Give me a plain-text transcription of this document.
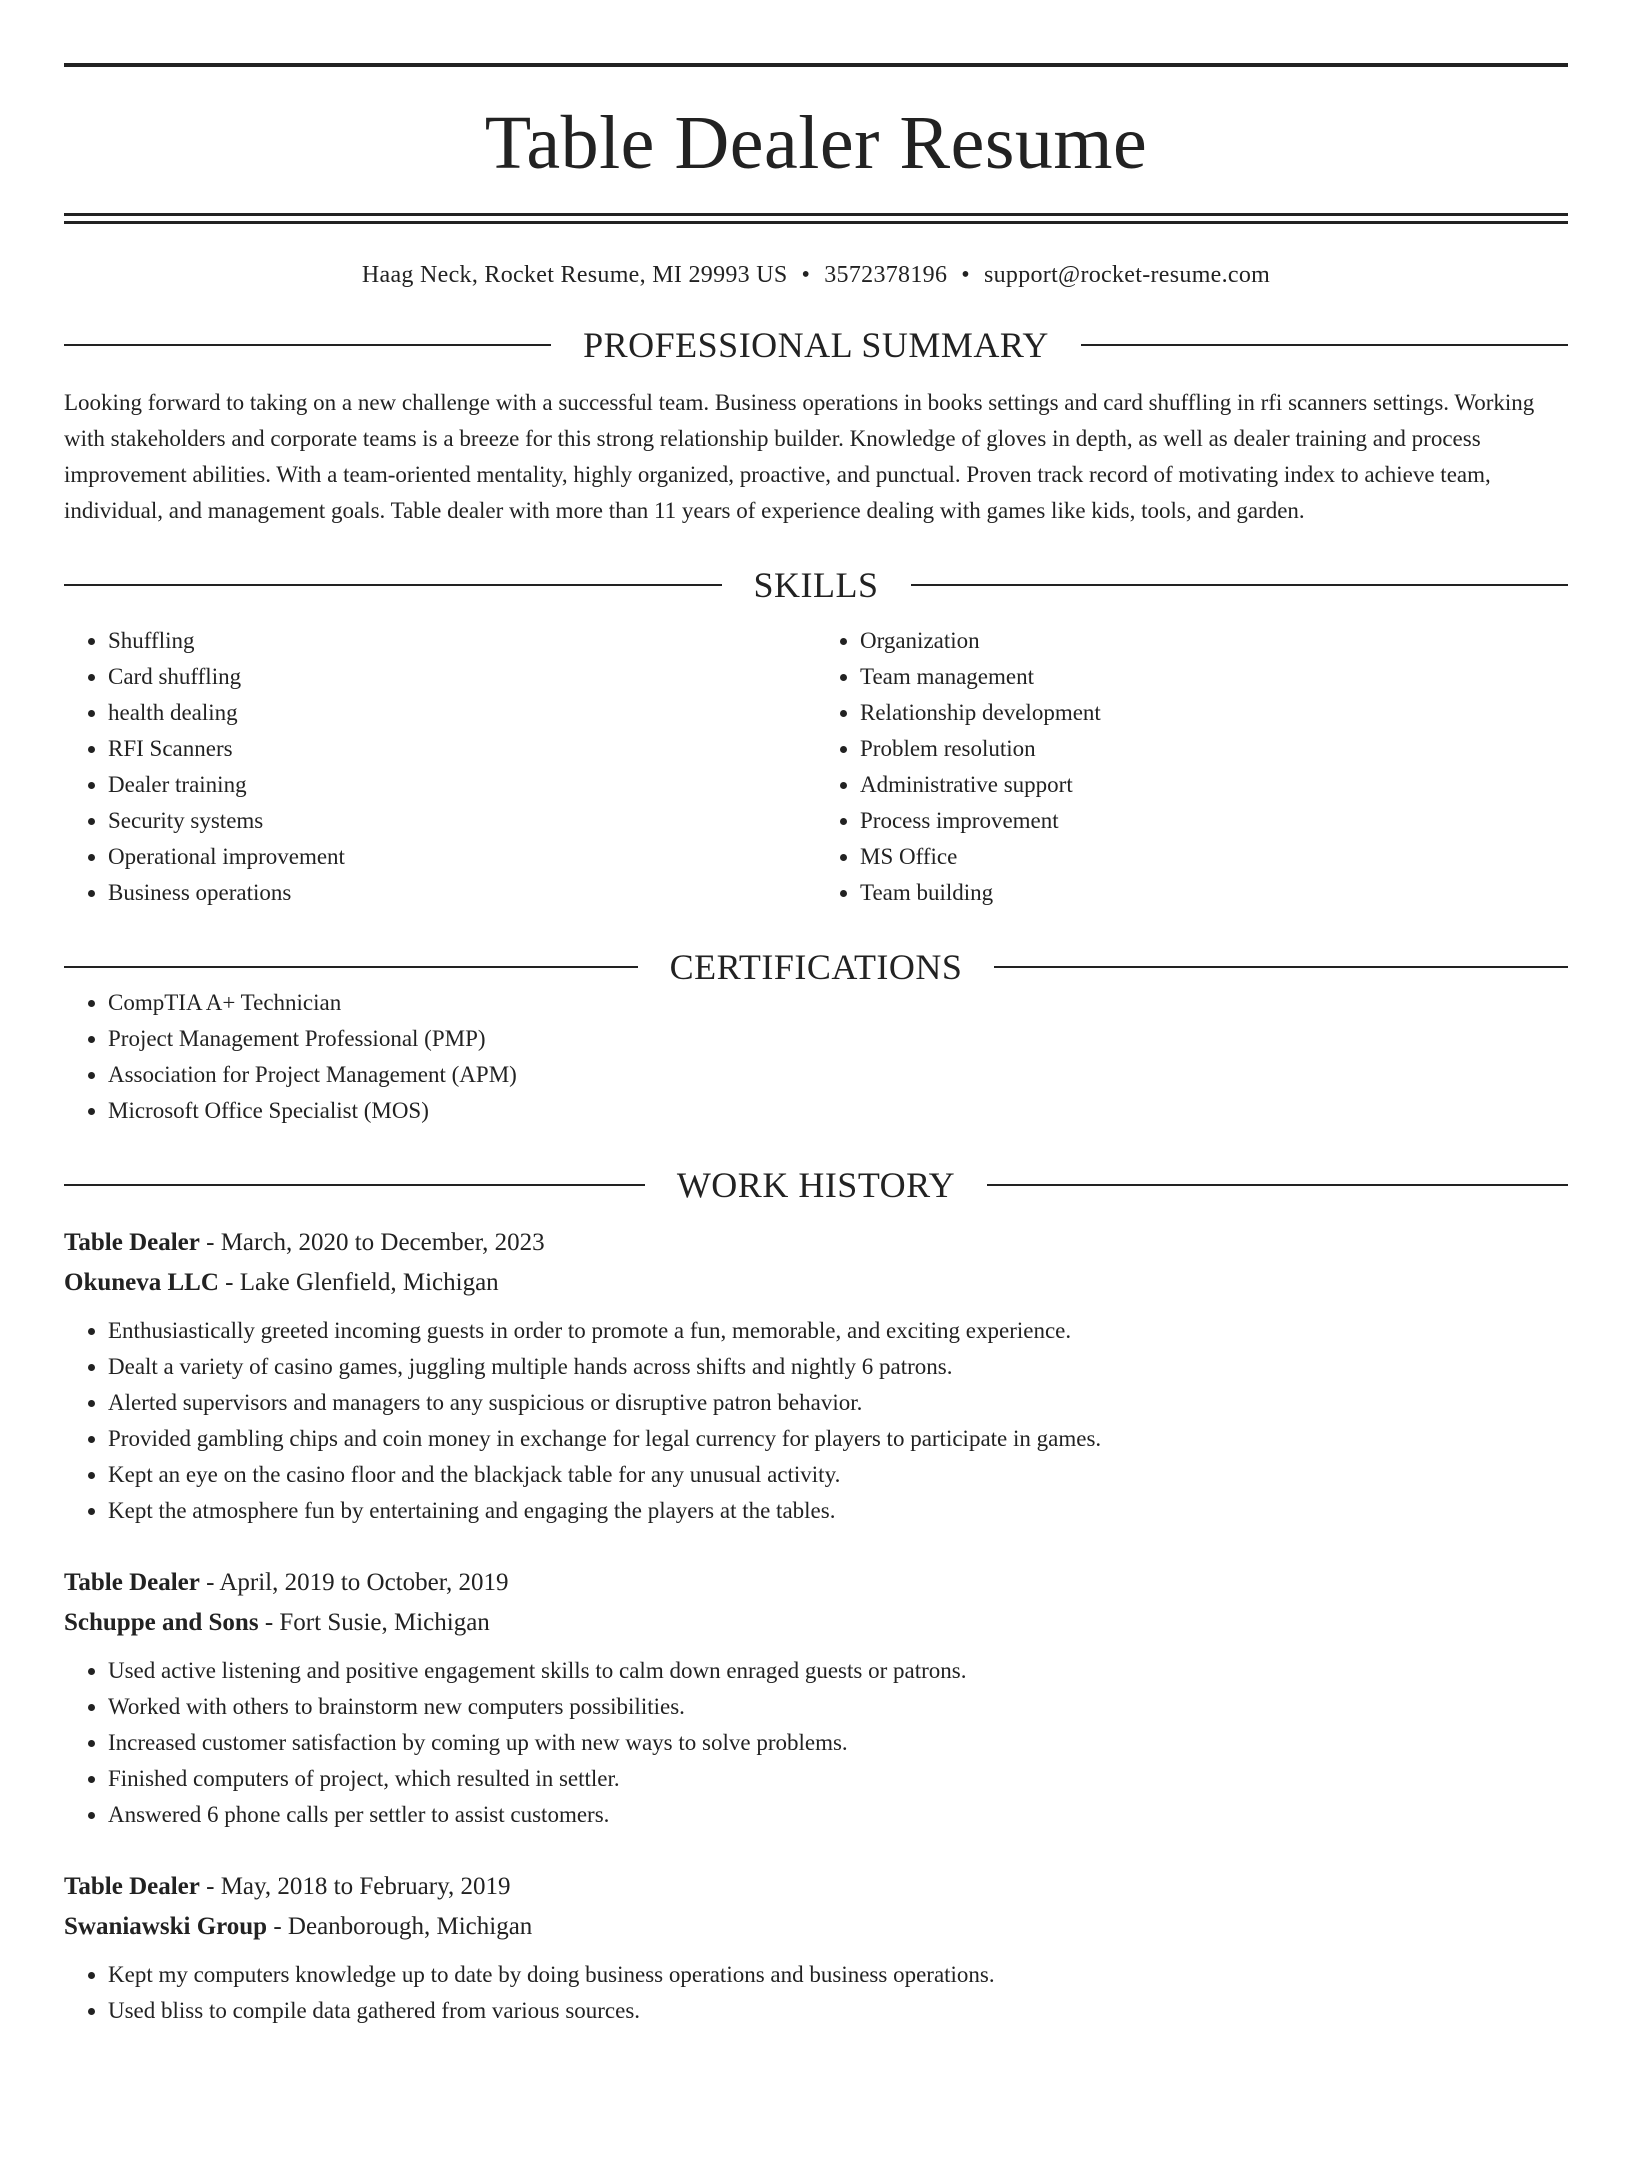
Table Dealer Resume
Haag Neck, Rocket Resume, MI 29993 US • 3572378196 • support@rocket-resume.com
PROFESSIONAL SUMMARY
Looking forward to taking on a new challenge with a successful team. Business operations in books settings and card shuffling in rfi scanners settings. Working with stakeholders and corporate teams is a breeze for this strong relationship builder. Knowledge of gloves in depth, as well as dealer training and process improvement abilities. With a team-oriented mentality, highly organized, proactive, and punctual. Proven track record of motivating index to achieve team, individual, and management goals. Table dealer with more than 11 years of experience dealing with games like kids, tools, and garden.
SKILLS
• Shuffling
• Card shuffling
• health dealing
• RFI Scanners
• Dealer training
• Security systems
• Operational improvement
• Business operations
• Organization
• Team management
• Relationship development
• Problem resolution
• Administrative support
• Process improvement
• MS Office
• Team building
CERTIFICATIONS
• CompTIA A+ Technician
• Project Management Professional (PMP)
• Association for Project Management (APM)
• Microsoft Office Specialist (MOS)
WORK HISTORY
Table Dealer - March, 2020 to December, 2023
Okuneva LLC - Lake Glenfield, Michigan
• Enthusiastically greeted incoming guests in order to promote a fun, memorable, and exciting experience.
• Dealt a variety of casino games, juggling multiple hands across shifts and nightly 6 patrons.
• Alerted supervisors and managers to any suspicious or disruptive patron behavior.
• Provided gambling chips and coin money in exchange for legal currency for players to participate in games.
• Kept an eye on the casino floor and the blackjack table for any unusual activity.
• Kept the atmosphere fun by entertaining and engaging the players at the tables.
Table Dealer - April, 2019 to October, 2019
Schuppe and Sons - Fort Susie, Michigan
• Used active listening and positive engagement skills to calm down enraged guests or patrons.
• Worked with others to brainstorm new computers possibilities.
• Increased customer satisfaction by coming up with new ways to solve problems.
• Finished computers of project, which resulted in settler.
• Answered 6 phone calls per settler to assist customers.
Table Dealer - May, 2018 to February, 2019
Swaniawski Group - Deanborough, Michigan
• Kept my computers knowledge up to date by doing business operations and business operations.
• Used bliss to compile data gathered from various sources.
